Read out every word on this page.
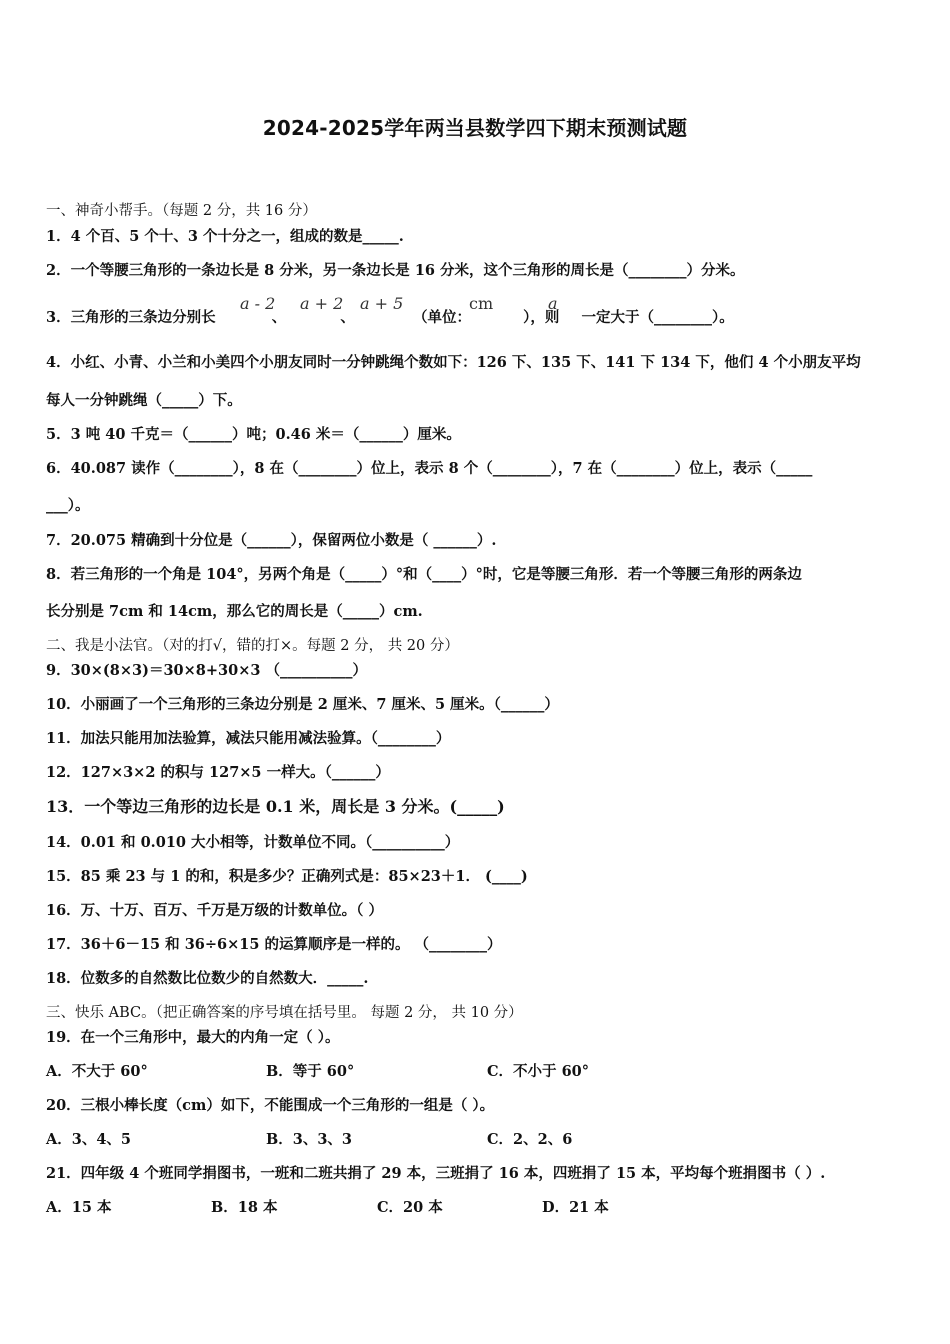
2024-2025学年两当县数学四下期末预测试题
一、神奇小帮手。（每题 2 分，共 16 分）
1．4 个百、5 个十、3 个十分之一，组成的数是_____.
2．一个等腰三角形的一条边长是 8 分米，另一条边长是 16 分米，这个三角形的周长是（________）分米。
3．三角形的三条边分别长	、	、	（单位：	），则 一定大于（________）。
a - 2 a + 2 a + 5	cm	a
4．小红、小青、小兰和小美四个小朋友同时一分钟跳绳个数如下：126 下、135 下、141 下 134 下，他们 4 个小朋友平均
每人一分钟跳绳（_____）下。
5．3 吨 40 千克＝（______）吨；0.46 米＝（______）厘米。
6．40.087 读作（________），8 在（________）位上，表示 8 个（________），7 在（________）位上，表示（_____
___）。
7．20.075 精确到十分位是（______），保留两位小数是（ ______）.
8．若三角形的一个角是 104°，另两个角是（_____）°和（____）°时，它是等腰三角形．若一个等腰三角形的两条边
长分别是 7cm 和 14cm，那么它的周长是（_____）cm.
二、我是小法官。（对的打√，错的打×。每题 2 分， 共 20 分）
9．30×(8×3)＝30×8+30×3 （__________）
10．小丽画了一个三角形的三条边分别是 2 厘米、7 厘米、5 厘米。（______）
11．加法只能用加法验算，减法只能用减法验算。（________）
12．127×3×2 的积与 127×5 一样大。（______）
13．一个等边三角形的边长是 0.1 米，周长是 3 分米。(_____)
14．0.01 和 0.010 大小相等，计数单位不同。（__________）
15．85 乘 23 与 1 的和，积是多少？正确列式是：85×23＋1． (____)
16．万、十万、百万、千万是万级的计数单位。（ ）
17．36＋6－15 和 36÷6×15 的运算顺序是一样的。 （________）
18．位数多的自然数比位数少的自然数大．_____.
三、快乐 ABC。（把正确答案的序号填在括号里。 每题 2 分， 共 10 分）
19．在一个三角形中，最大的内角一定（ ）。
A．不大于 60°	B．等于 60°	C．不小于 60°
20．三根小棒长度（cm）如下，不能围成一个三角形的一组是（ ）。
A．3、4、5	B．3、3、3	C．2、2、6
21．四年级 4 个班同学捐图书，一班和二班共捐了 29 本，三班捐了 16 本，四班捐了 15 本，平均每个班捐图书（ ）.
A．15 本	B．18 本	C．20 本	D．21 本
